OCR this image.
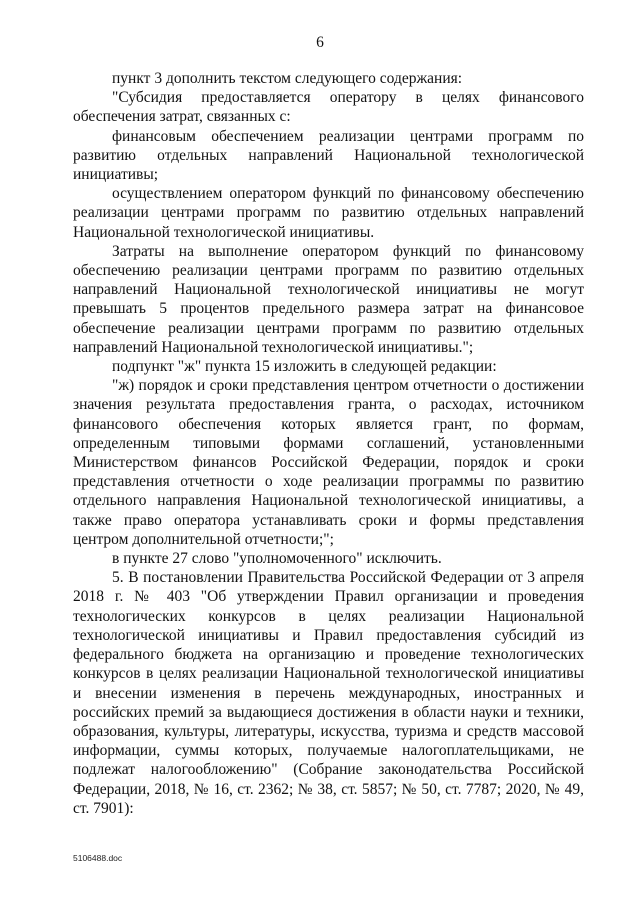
6

пункт 3 дополнить текстом следующего содержания:

"Субсидия предоставляется оператору в целях финансового обеспечения затрат, связанных с:

финансовым обеспечением реализации центрами программ по развитию отдельных направлений Национальной технологической инициативы;

осуществлением оператором функций по финансовому обеспечению реализации центрами программ по развитию отдельных направлений Национальной технологической инициативы.

Затраты на выполнение оператором функций по финансовому обеспечению реализации центрами программ по развитию отдельных направлений Национальной технологической инициативы не могут превышать 5 процентов предельного размера затрат на финансовое обеспечение реализации центрами программ по развитию отдельных направлений Национальной технологической инициативы.";

подпункт "ж" пункта 15 изложить в следующей редакции:

"ж) порядок и сроки представления центром отчетности о достижении значения результата предоставления гранта, о расходах, источником финансового обеспечения которых является грант, по формам, определенным типовыми формами соглашений, установленными Министерством финансов Российской Федерации, порядок и сроки представления отчетности о ходе реализации программы по развитию отдельного направления Национальной технологической инициативы, а также право оператора устанавливать сроки и формы представления центром дополнительной отчетности;";

в пункте 27 слово "уполномоченного" исключить.

5. В постановлении Правительства Российской Федерации от 3 апреля 2018 г. № 403 "Об утверждении Правил организации и проведения технологических конкурсов в целях реализации Национальной технологической инициативы и Правил предоставления субсидий из федерального бюджета на организацию и проведение технологических конкурсов в целях реализации Национальной технологической инициативы и внесении изменения в перечень международных, иностранных и российских премий за выдающиеся достижения в области науки и техники, образования, культуры, литературы, искусства, туризма и средств массовой информации, суммы которых, получаемые налогоплательщиками, не подлежат налогообложению" (Собрание законодательства Российской Федерации, 2018, № 16, ст. 2362; № 38, ст. 5857; № 50, ст. 7787; 2020, № 49, ст. 7901):

5106488.doc
